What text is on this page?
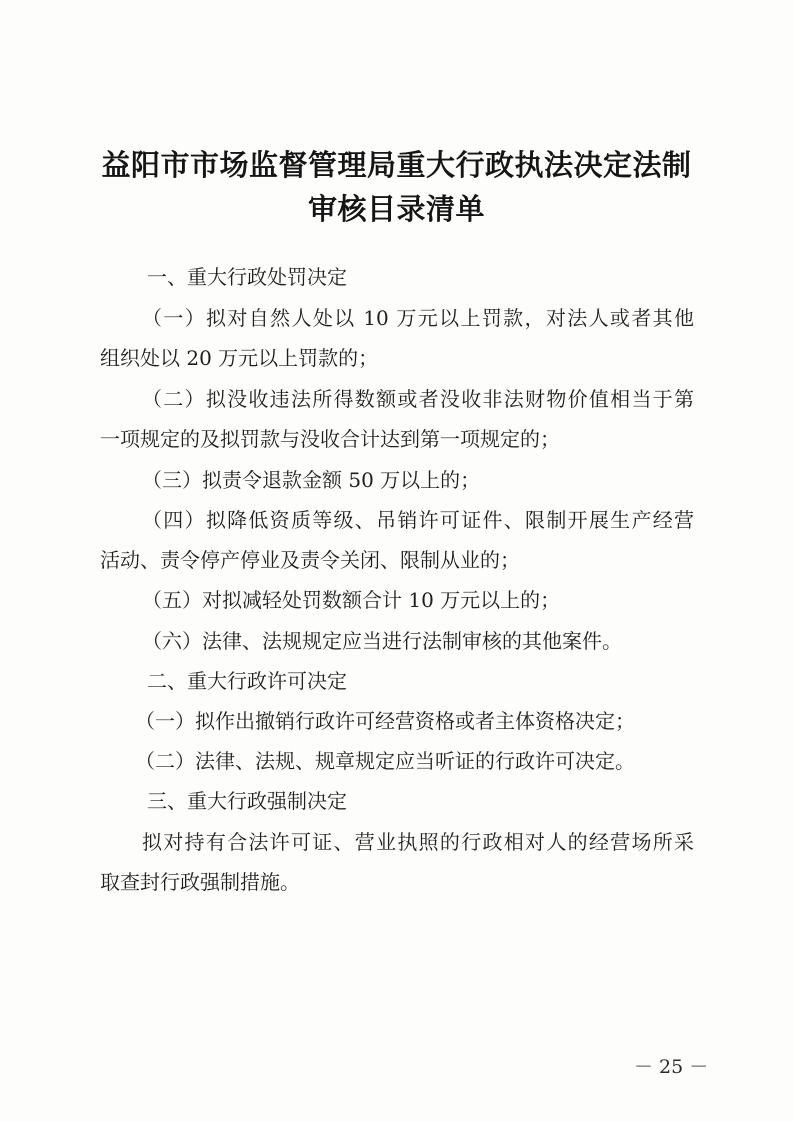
益阳市市场监督管理局重大行政执法决定法制
审核目录清单
一、重大行政处罚决定
（一）拟对自然人处以 10 万元以上罚款，对法人或者其他
组织处以 20 万元以上罚款的；
（二）拟没收违法所得数额或者没收非法财物价值相当于第
一项规定的及拟罚款与没收合计达到第一项规定的；
（三）拟责令退款金额 50 万以上的；
（四）拟降低资质等级、吊销许可证件、限制开展生产经营
活动、责令停产停业及责令关闭、限制从业的；
（五）对拟减轻处罚数额合计 10 万元以上的；
（六）法律、法规规定应当进行法制审核的其他案件。
二、重大行政许可决定
（一）拟作出撤销行政许可经营资格或者主体资格决定；
（二）法律、法规、规章规定应当听证的行政许可决定。
三、重大行政强制决定
拟对持有合法许可证、营业执照的行政相对人的经营场所采
取查封行政强制措施。
－ 25 －
